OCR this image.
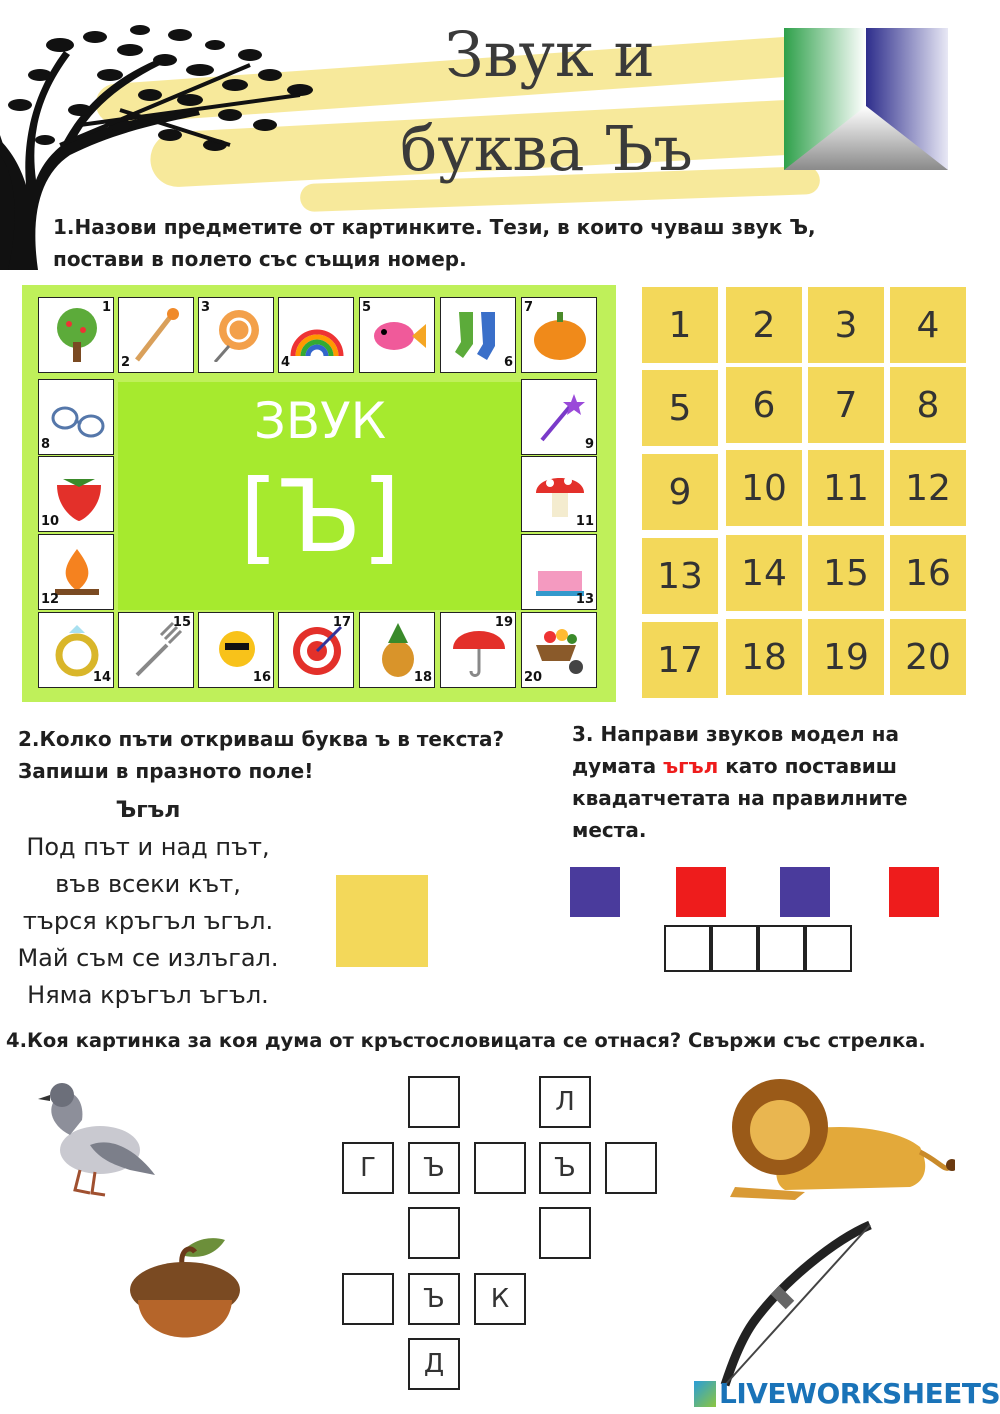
Звук и
буква Ъъ
1.Назови предметите от картинките. Тези, в които чуваш звук Ъ,
постави в полето със същия номер.
ЗВУК
[Ъ]
1
2
3
4
5
6
7
8	9
10	11
12	13
14
15
16
17
18
19
20
1	2	3	4
5	6	7	8
9	10	11	12
13	14	15	16
17	18	19	20
2.Колко пъти откриваш буква ъ в текста?
Запиши в празното поле!
Ъгъл
Под път и над път,
във всеки кът,
търся кръгъл ъгъл.
Май съм се излъгал.
Няма кръгъл ъгъл.
3. Направи звуков модел на
думата ъгъл като поставиш
квадатчетата на правилните
места.
4.Коя картинка за коя дума от кръстословицата се отнася? Свържи със стрелка.
Л
Г	Ъ	Ъ
Ъ	К
Д
LIVEWORKSHEETS
